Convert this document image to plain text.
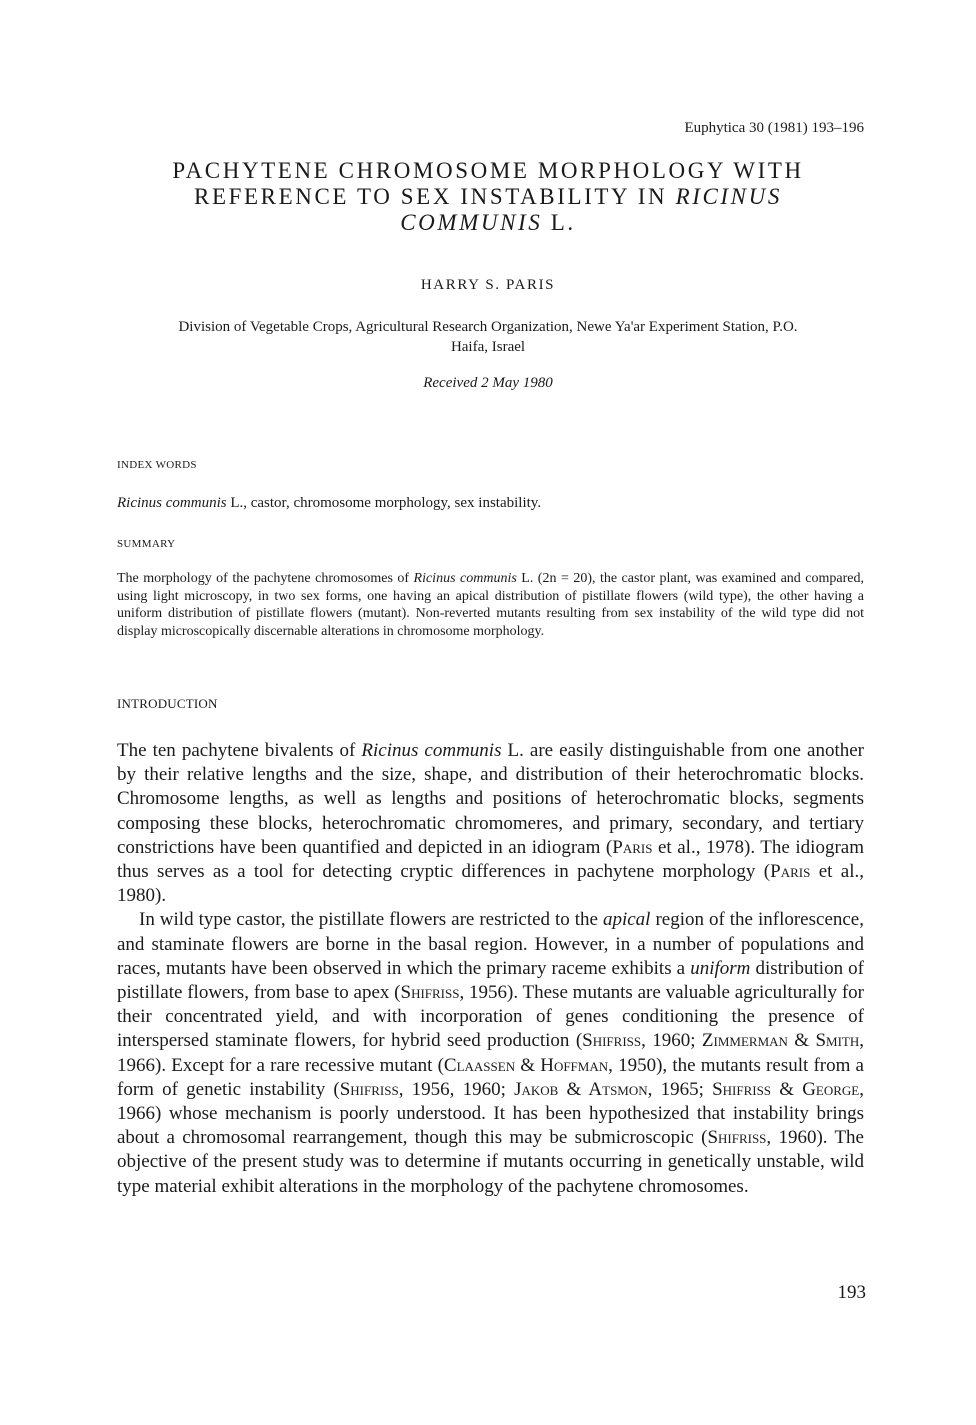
Euphytica 30 (1981) 193–196
PACHYTENE CHROMOSOME MORPHOLOGY WITH
REFERENCE TO SEX INSTABILITY IN RICINUS
COMMUNIS L.
HARRY S. PARIS
Division of Vegetable Crops, Agricultural Research Organization, Newe Ya'ar Experiment Station, P.O.
Haifa, Israel
Received 2 May 1980
INDEX WORDS
Ricinus communis L., castor, chromosome morphology, sex instability.
SUMMARY
The morphology of the pachytene chromosomes of Ricinus communis L. (2n = 20), the castor plant, was examined and compared, using light microscopy, in two sex forms, one having an apical distribution of pistillate flowers (wild type), the other having a uniform distribution of pistillate flowers (mutant). Non-reverted mutants resulting from sex instability of the wild type did not display microscopically discernable alterations in chromosome morphology.
INTRODUCTION

The ten pachytene bivalents of Ricinus communis L. are easily distinguishable from one another by their relative lengths and the size, shape, and distribution of their heterochromatic blocks. Chromosome lengths, as well as lengths and positions of heterochromatic blocks, segments composing these blocks, heterochromatic chromomeres, and primary, secondary, and tertiary constrictions have been quantified and depicted in an idiogram (Paris et al., 1978). The idiogram thus serves as a tool for detecting cryptic differences in pachytene morphology (Paris et al., 1980).

In wild type castor, the pistillate flowers are restricted to the apical region of the inflorescence, and staminate flowers are borne in the basal region. However, in a number of populations and races, mutants have been observed in which the primary raceme exhibits a uniform distribution of pistillate flowers, from base to apex (Shifriss, 1956). These mutants are valuable agriculturally for their concentrated yield, and with incorporation of genes conditioning the presence of interspersed staminate flowers, for hybrid seed production (Shifriss, 1960; Zimmerman & Smith, 1966). Except for a rare recessive mutant (Claassen & Hoffman, 1950), the mutants result from a form of genetic instability (Shifriss, 1956, 1960; Jakob & Atsmon, 1965; Shifriss & George, 1966) whose mechanism is poorly understood. It has been hypothesized that instability brings about a chromosomal rearrangement, though this may be submicroscopic (Shifriss, 1960). The objective of the present study was to determine if mutants occurring in genetically unstable, wild type material exhibit alterations in the morphology of the pachytene chromosomes.

193
